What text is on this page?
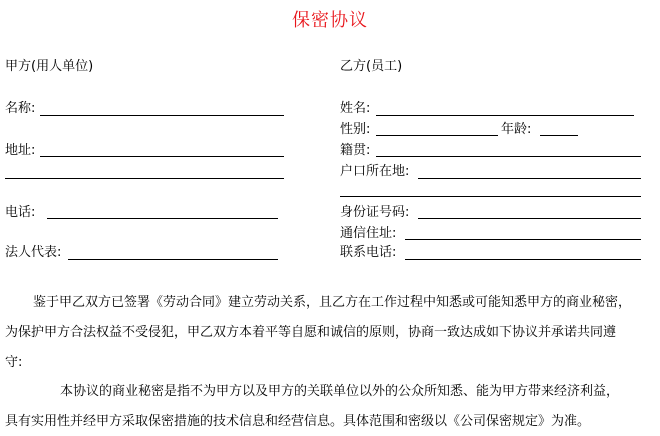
保密协议
甲方(用人单位)
名称:
地址:
电话:
法人代表:
乙方(员工)
姓名:
性别:	年龄:
籍贯:
户口所在地:
身份证号码:
通信住址:
联系电话:
鉴于甲乙双方已签署《劳动合同》建立劳动关系，且乙方在工作过程中知悉或可能知悉甲方的商业秘密，
为保护甲方合法权益不受侵犯，甲乙双方本着平等自愿和诚信的原则，协商一致达成如下协议并承诺共同遵
守:
本协议的商业秘密是指不为甲方以及甲方的关联单位以外的公众所知悉、能为甲方带来经济利益，
具有实用性并经甲方采取保密措施的技术信息和经营信息。具体范围和密级以《公司保密规定》为准。
